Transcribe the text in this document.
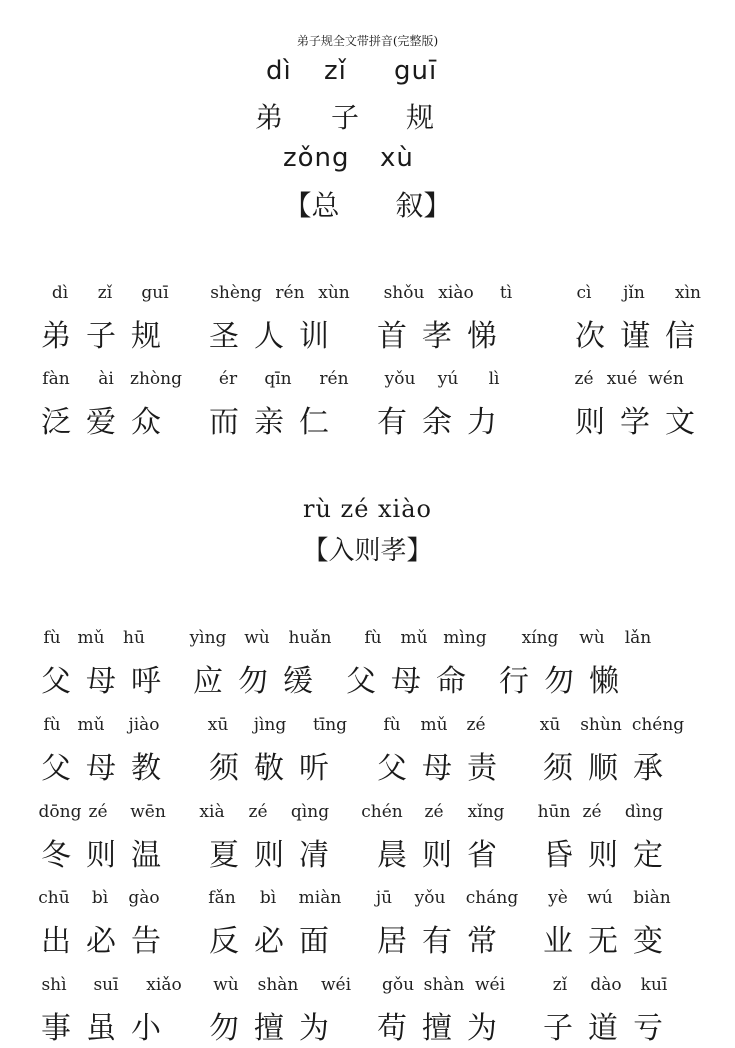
弟子规全文带拼音(完整版)
dì zǐ guī
弟 子 规
zǒng xù
【总　　叙】
dì zǐ guī
弟 子 规
shèng rén xùn
圣 人 训
shǒu xiào tì
首 孝 悌
cì jǐn xìn
次 谨 信
fàn ài zhòng
泛 爱 众
ér qīn rén
而 亲 仁
yǒu yú lì
有 余 力
zé xué wén
则 学 文
rù zé xiào
【入则孝】
fù mǔ hū
父 母 呼
yìng wù huǎn
应 勿 缓
fù mǔ mìng
父 母 命
xíng wù lǎn
行 勿 懒
fù mǔ jiào
父 母 教
xū jìng tīng
须 敬 听
fù mǔ zé
父 母 责
xū shùn chéng
须 顺 承
dōng zé wēn
冬 则 温
xià zé qìng
夏 则 凊
chén zé xǐng
晨 则 省
hūn zé dìng
昏 则 定
chū bì gào
出 必 告
fǎn bì miàn
反 必 面
jū yǒu cháng
居 有 常
yè wú biàn
业 无 变
shì suī xiǎo
事 虽 小
wù shàn wéi
勿 擅 为
gǒu shàn wéi
苟 擅 为
zǐ dào kuī
子 道 亏
